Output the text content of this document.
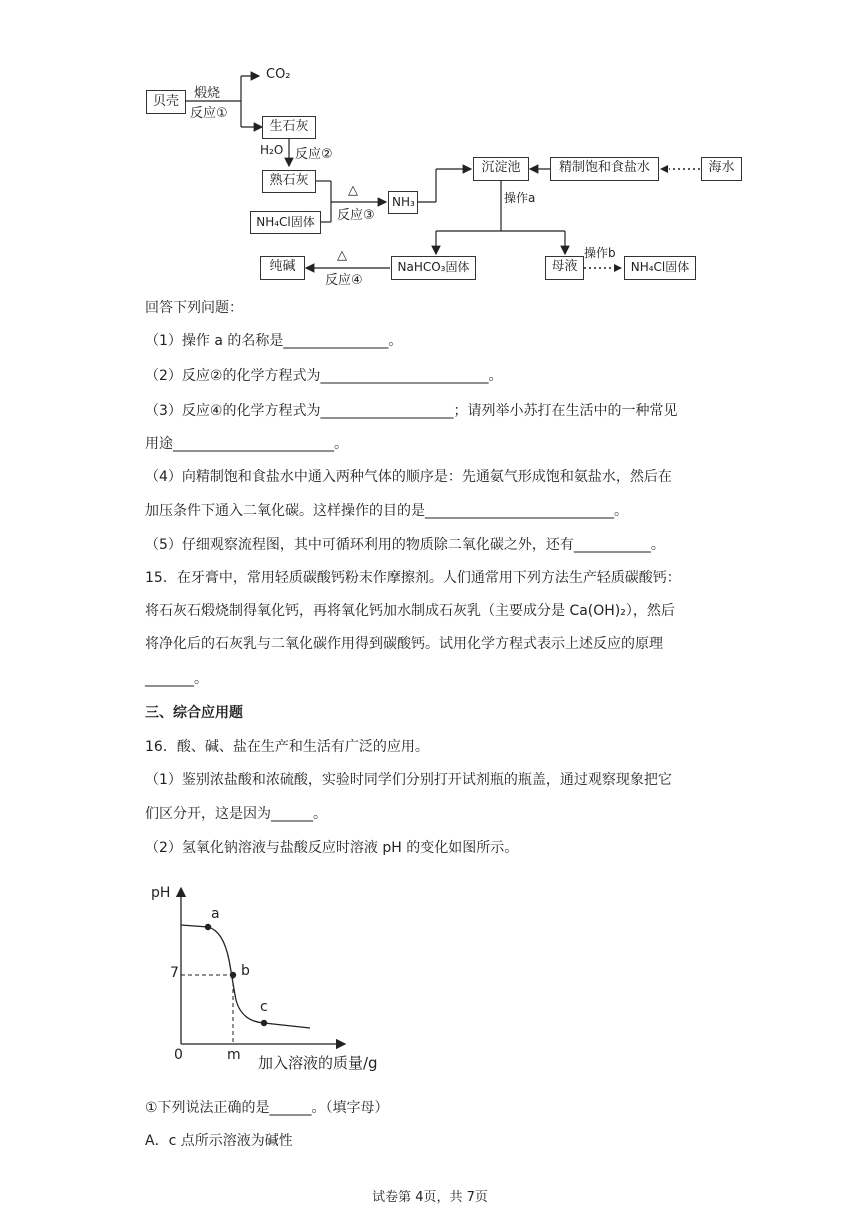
贝壳
煅烧
反应①
CO₂
生石灰
H₂O 反应②
熟石灰
NH₄Cl固体
△
反应③
NH₃
沉淀池	精制饱和食盐水	海水
操作a
NaHCO₃固体
纯碱
△
反应④
母液
操作b
NH₄Cl固体
回答下列问题：
（1）操作 a 的名称是_______________。
（2）反应②的化学方程式为________________________。
（3）反应④的化学方程式为___________________；请列举小苏打在生活中的一种常见
用途_______________________。
（4）向精制饱和食盐水中通入两种气体的顺序是：先通氨气形成饱和氨盐水，然后在
加压条件下通入二氧化碳。这样操作的目的是___________________________。
（5）仔细观察流程图，其中可循环利用的物质除二氧化碳之外，还有___________。
15．在牙膏中，常用轻质碳酸钙粉末作摩擦剂。人们通常用下列方法生产轻质碳酸钙：
将石灰石煅烧制得氧化钙，再将氧化钙加水制成石灰乳（主要成分是 Ca(OH)₂），然后
将净化后的石灰乳与二氧化碳作用得到碳酸钙。试用化学方程式表示上述反应的原理
_______。
三、综合应用题
16．酸、碱、盐在生产和生活有广泛的应用。
（1）鉴别浓盐酸和浓硫酸，实验时同学们分别打开试剂瓶的瓶盖，通过观察现象把它
们区分开，这是因为______。
（2）氢氧化钠溶液与盐酸反应时溶液 pH 的变化如图所示。
pH
a
7	b
c
0	m 加入溶液的质量/g
①下列说法正确的是______。（填字母）
A．c 点所示溶液为碱性
试卷第 4页，共 7页
